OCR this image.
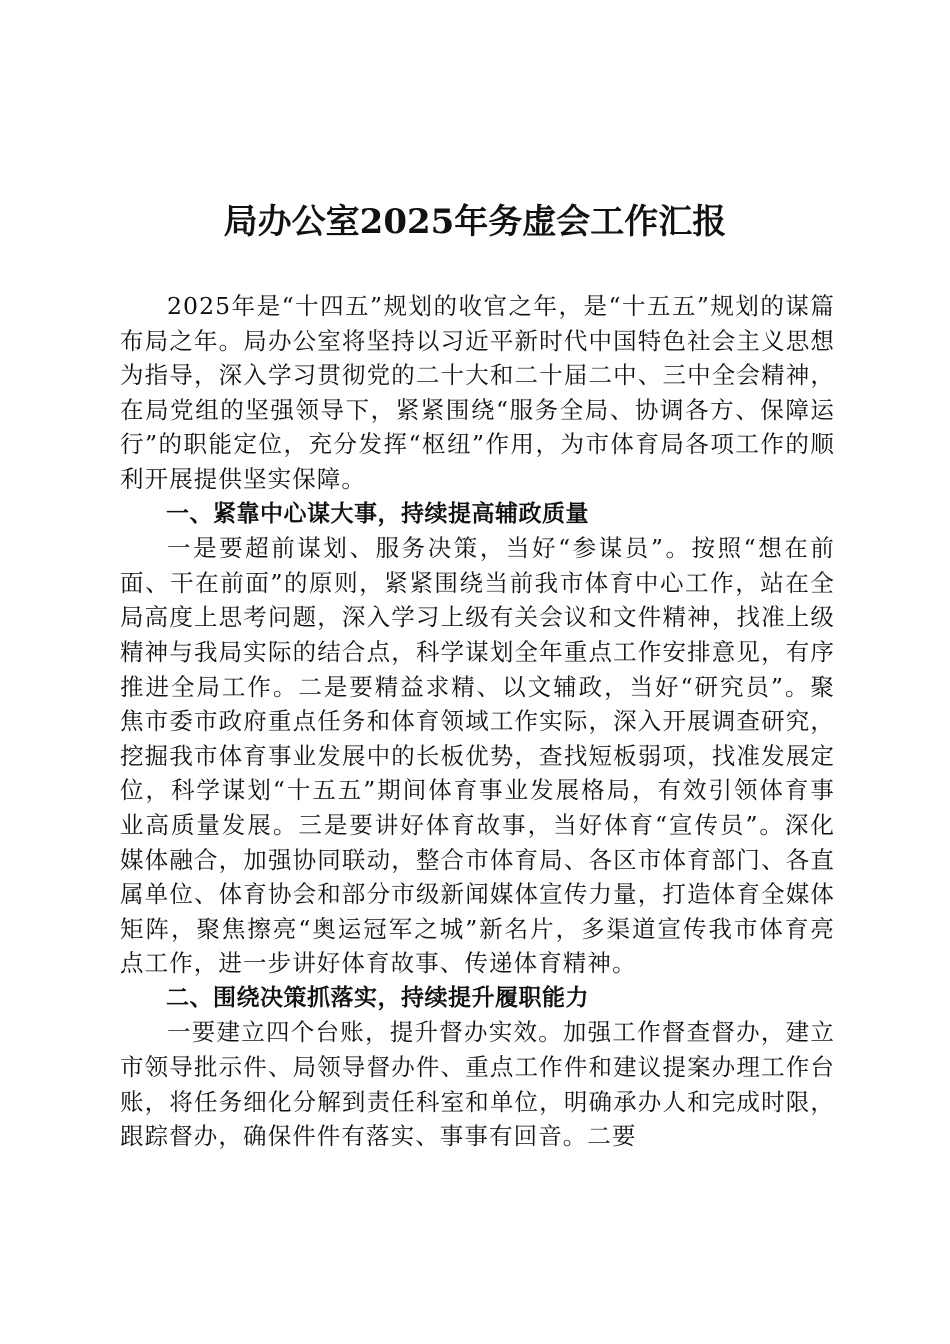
局办公室2025年务虚会工作汇报

2025年是“十四五”规划的收官之年，是“十五五”规划的谋篇布局之年。局办公室将坚持以习近平新时代中国特色社会主义思想为指导，深入学习贯彻党的二十大和二十届二中、三中全会精神，在局党组的坚强领导下，紧紧围绕“服务全局、协调各方、保障运行”的职能定位，充分发挥“枢纽”作用，为市体育局各项工作的顺利开展提供坚实保障。

一、紧靠中心谋大事，持续提高辅政质量

一是要超前谋划、服务决策，当好“参谋员”。按照“想在前面、干在前面”的原则，紧紧围绕当前我市体育中心工作，站在全局高度上思考问题，深入学习上级有关会议和文件精神，找准上级精神与我局实际的结合点，科学谋划全年重点工作安排意见，有序推进全局工作。二是要精益求精、以文辅政，当好“研究员”。聚焦市委市政府重点任务和体育领域工作实际，深入开展调查研究，挖掘我市体育事业发展中的长板优势，查找短板弱项，找准发展定位，科学谋划“十五五”期间体育事业发展格局，有效引领体育事业高质量发展。三是要讲好体育故事，当好体育“宣传员”。深化媒体融合，加强协同联动，整合市体育局、各区市体育部门、各直属单位、体育协会和部分市级新闻媒体宣传力量，打造体育全媒体矩阵，聚焦擦亮“奥运冠军之城”新名片，多渠道宣传我市体育亮点工作，进一步讲好体育故事、传递体育精神。

二、围绕决策抓落实，持续提升履职能力

一要建立四个台账，提升督办实效。加强工作督查督办，建立市领导批示件、局领导督办件、重点工作件和建议提案办理工作台账，将任务细化分解到责任科室和单位，明确承办人和完成时限，跟踪督办，确保件件有落实、事事有回音。二要
